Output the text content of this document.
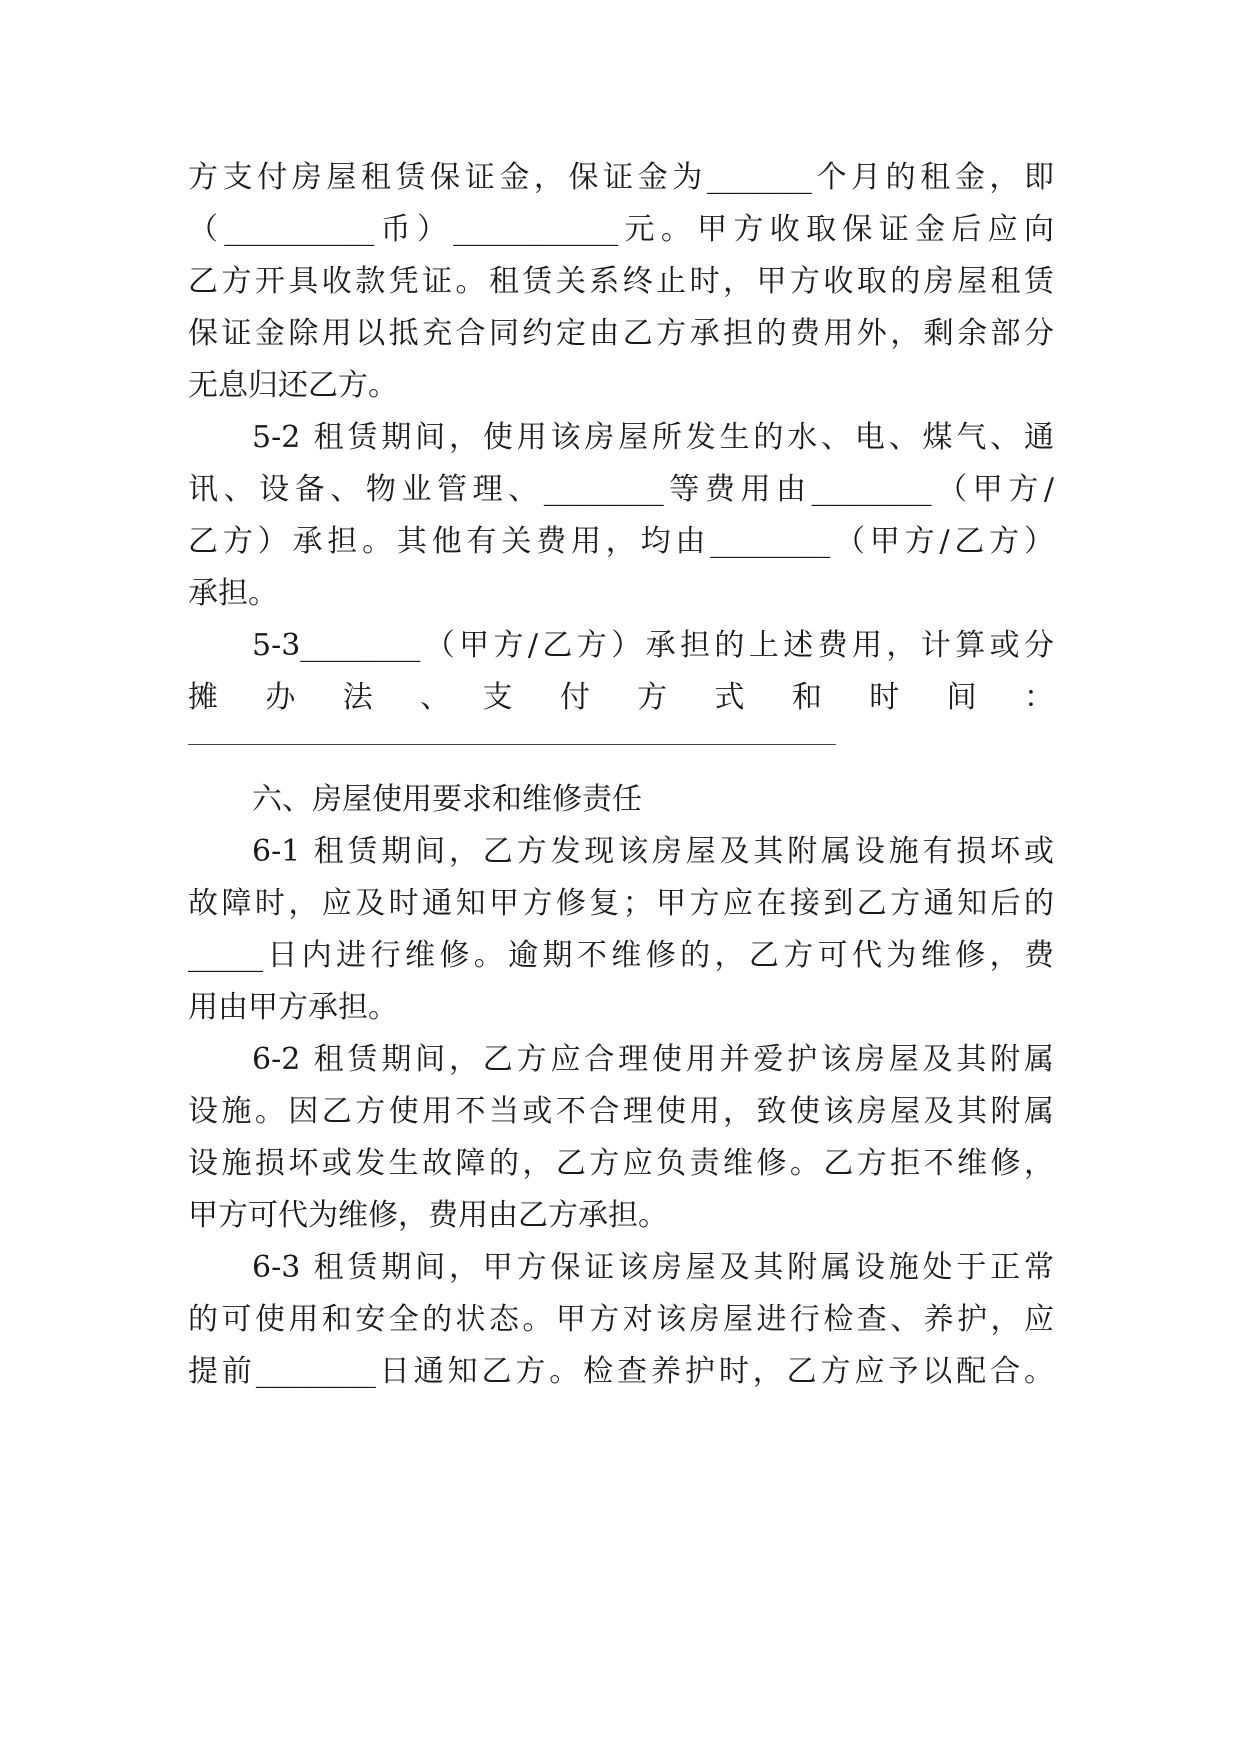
方支付房屋租赁保证金，保证金为_______个月的租金，即
（__________币）___________元。甲方收取保证金后应向
乙方开具收款凭证。租赁关系终止时，甲方收取的房屋租赁
保证金除用以抵充合同约定由乙方承担的费用外，剩余部分
无息归还乙方。
5-2 租赁期间，使用该房屋所发生的水、电、煤气、通
讯、设备、物业管理、________等费用由________（甲方/
乙方）承担。其他有关费用，均由________（甲方/乙方）
承担。
5-3________（甲方/乙方）承担的上述费用，计算或分
摊　办　法　、　支　付　方　式　和　时　间　：
六、房屋使用要求和维修责任
6-1 租赁期间，乙方发现该房屋及其附属设施有损坏或
故障时，应及时通知甲方修复；甲方应在接到乙方通知后的
_____日内进行维修。逾期不维修的，乙方可代为维修，费
用由甲方承担。
6-2 租赁期间，乙方应合理使用并爱护该房屋及其附属
设施。因乙方使用不当或不合理使用，致使该房屋及其附属
设施损坏或发生故障的，乙方应负责维修。乙方拒不维修，
甲方可代为维修，费用由乙方承担。
6-3 租赁期间，甲方保证该房屋及其附属设施处于正常
的可使用和安全的状态。甲方对该房屋进行检查、养护，应
提前________日通知乙方。检查养护时，乙方应予以配合。
